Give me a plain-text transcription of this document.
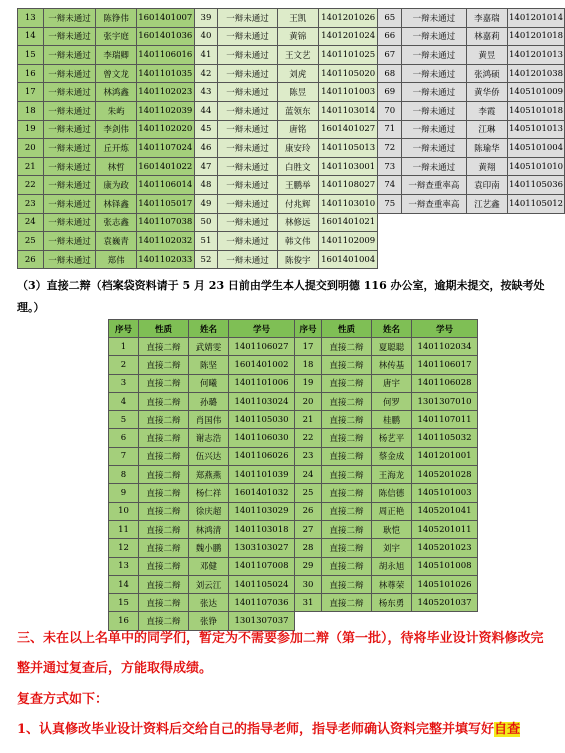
13	一辩未通过	陈铮伟	1601401007	39	一辩未通过	王凯	1401201026	65	一辩未通过	李嘉瑞	1401201014
14	一辩未通过	张宇庭	1601401036	40	一辩未通过	黄锦	1401201024	66	一辩未通过	林嘉莉	1401201018
15	一辩未通过	李瑞卿	1401106016	41	一辩未通过	王文艺	1401101025	67	一辩未通过	黄昱	1401201013
16	一辩未通过	曾文龙	1401101035	42	一辩未通过	刘虎	1401105020	68	一辩未通过	张鸿硕	1401201038
17	一辩未通过	林鸿鑫	1401102023	43	一辩未通过	陈昱	1401101003	69	一辩未通过	黄华侨	1405101009
18	一辩未通过	朱屿	1401102039	44	一辩未通过	蓝领东	1401103014	70	一辩未通过	李霞	1405101018
19	一辩未通过	李剑伟	1401102020	45	一辩未通过	唐铭	1601401027	71	一辩未通过	江琳	1405101013
20	一辩未通过	丘开炼	1401107024	46	一辩未通过	康安玲	1401105013	72	一辩未通过	陈瑜华	1405101004
21	一辩未通过	林哲	1601401022	47	一辩未通过	白胜文	1401103001	73	一辩未通过	黄翔	1405101010
22	一辩未通过	康为政	1401106014	48	一辩未通过	王鹏举	1401108027	74	一辩查重率高	袁印南	1401105036
23	一辩未通过	林铎鑫	1401105017	49	一辩未通过	付兆辉	1401103010	75	一辩查重率高	江艺鑫	1401105012
24	一辩未通过	张志鑫	1401107038	50	一辩未通过	林修远	1601401021				
25	一辩未通过	袁巍青	1401102032	51	一辩未通过	韩文伟	1401102009				
26	一辩未通过	郑伟	1401102033	52	一辩未通过	陈俊宇	1601401004				

（3）直接二辩（档案袋资料请于 5 月 23 日前由学生本人提交到明德 116 办公室，逾期未提交，按缺考处理。）

序号	性质	姓名	学号	序号	性质	姓名	学号
1	直接二辩	武婧雯	1401106027	17	直接二辩	夏聪聪	1401102034
2	直接二辩	陈坚	1601401002	18	直接二辩	林传基	1401106017
3	直接二辩	何曦	1401101006	19	直接二辩	唐宇	1401106028
4	直接二辩	孙璐	1401103024	20	直接二辩	何罗	1301307010
5	直接二辩	肖国伟	1401105030	21	直接二辩	桂鹏	1401107011
6	直接二辩	谢志浩	1401106030	22	直接二辩	杨艺平	1401105032
7	直接二辩	伍兴达	1401106026	23	直接二辩	蔡金成	1401201001
8	直接二辩	郑燕燕	1401101039	24	直接二辩	王海龙	1405201028
9	直接二辩	杨仁祥	1601401032	25	直接二辩	陈信德	1405101003
10	直接二辩	徐庆超	1401103029	26	直接二辩	周正艳	1405201041
11	直接二辩	林鸿清	1401103018	27	直接二辩	耿恺	1405201011
12	直接二辩	魏小鹏	1303103027	28	直接二辩	刘宇	1405201023
13	直接二辩	邓健	1401107008	29	直接二辩	胡永旭	1405101008
14	直接二辩	刘云江	1401105024	30	直接二辩	林尊荣	1405101026
15	直接二辩	张达	1401107036	31	直接二辩	杨东勇	1405201037
16	直接二辩	张铮	1301307037				

三、未在以上名单中的同学们，暂定为不需要参加二辩（第一批），待将毕业设计资料修改完整并通过复查后，方能取得成绩。

复查方式如下：

1、认真修改毕业设计资料后交给自己的指导老师，指导老师确认资料完整并填写好自查
